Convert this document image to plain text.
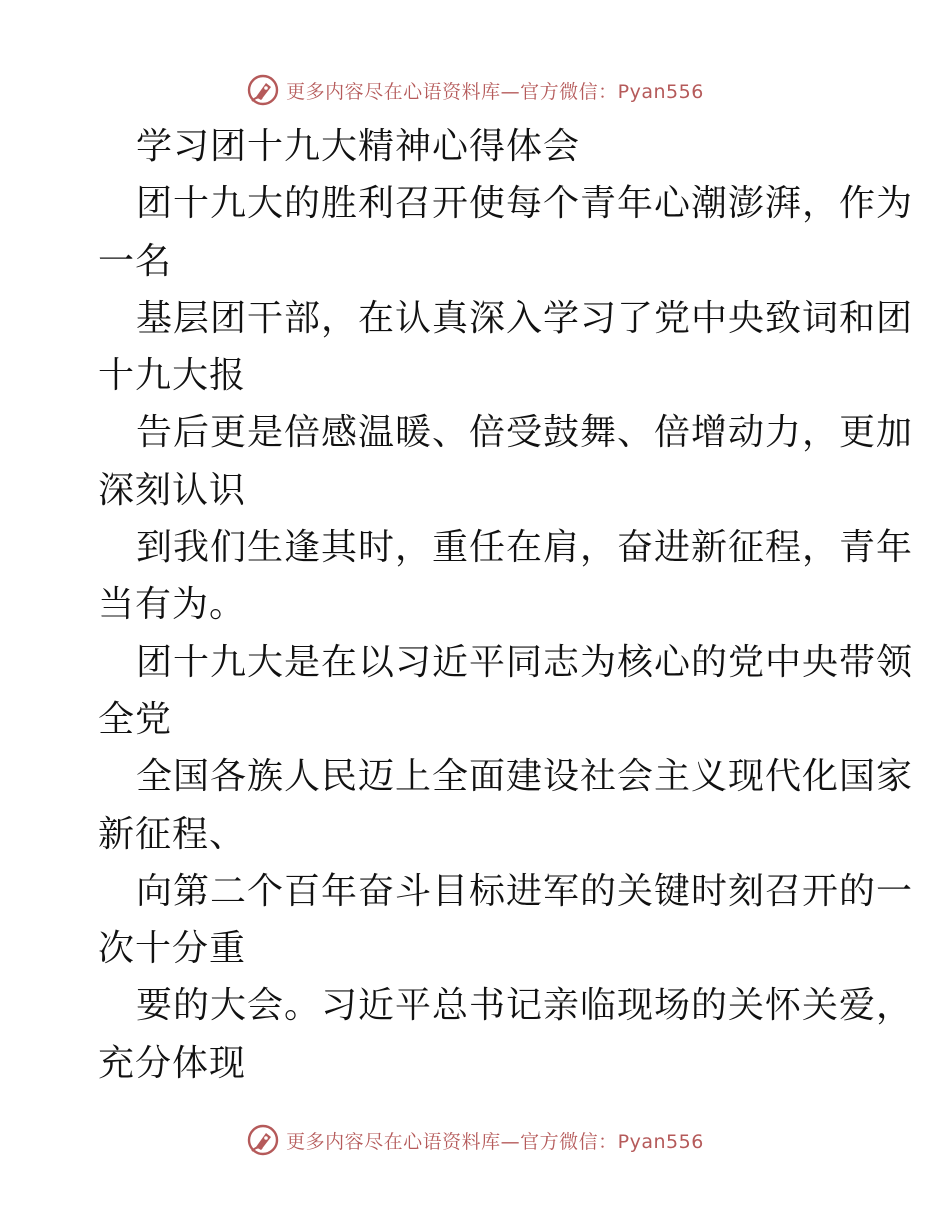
更多内容尽在心语资料库—官方微信：Pyan556
学习团十九大精神心得体会
团十九大的胜利召开使每个青年心潮澎湃，作为
一名
基层团干部，在认真深入学习了党中央致词和团
十九大报
告后更是倍感温暖、倍受鼓舞、倍增动力，更加
深刻认识
到我们生逢其时，重任在肩，奋进新征程，青年
当有为。
团十九大是在以习近平同志为核心的党中央带领
全党
全国各族人民迈上全面建设社会主义现代化国家
新征程、
向第二个百年奋斗目标进军的关键时刻召开的一
次十分重
要的大会。习近平总书记亲临现场的关怀关爱，
充分体现
更多内容尽在心语资料库—官方微信：Pyan556
